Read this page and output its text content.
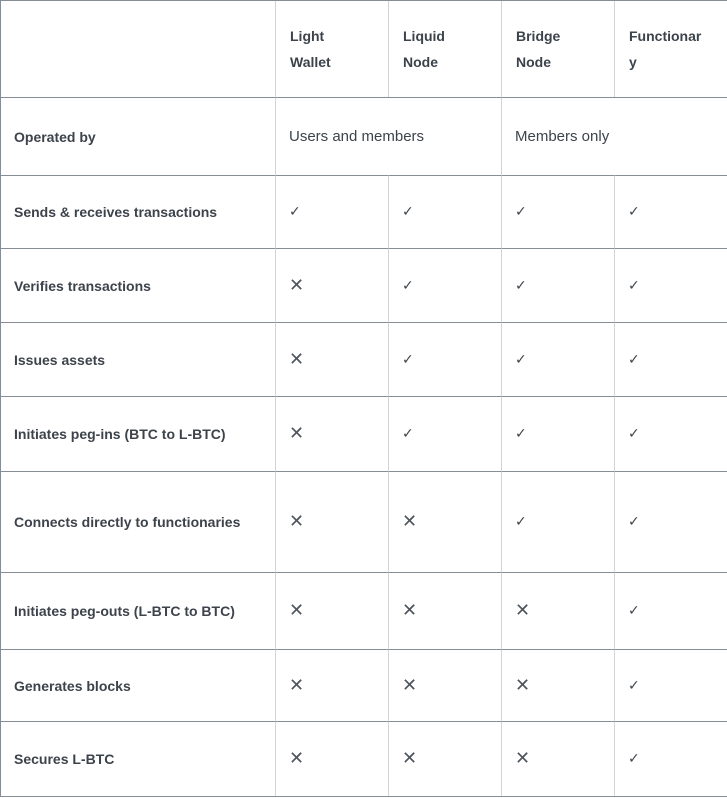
	Light Wallet	Liquid Node	Bridge Node	Functionary
Operated by	Users and members		Members only	
Sends & receives transactions	✓	✓	✓	✓
Verifies transactions	✕	✓	✓	✓
Issues assets	✕	✓	✓	✓
Initiates peg-ins (BTC to L-BTC)	✕	✓	✓	✓
Connects directly to functionaries	✕	✕	✓	✓
Initiates peg-outs (L-BTC to BTC)	✕	✕	✕	✓
Generates blocks	✕	✕	✕	✓
Secures L-BTC	✕	✕	✕	✓
